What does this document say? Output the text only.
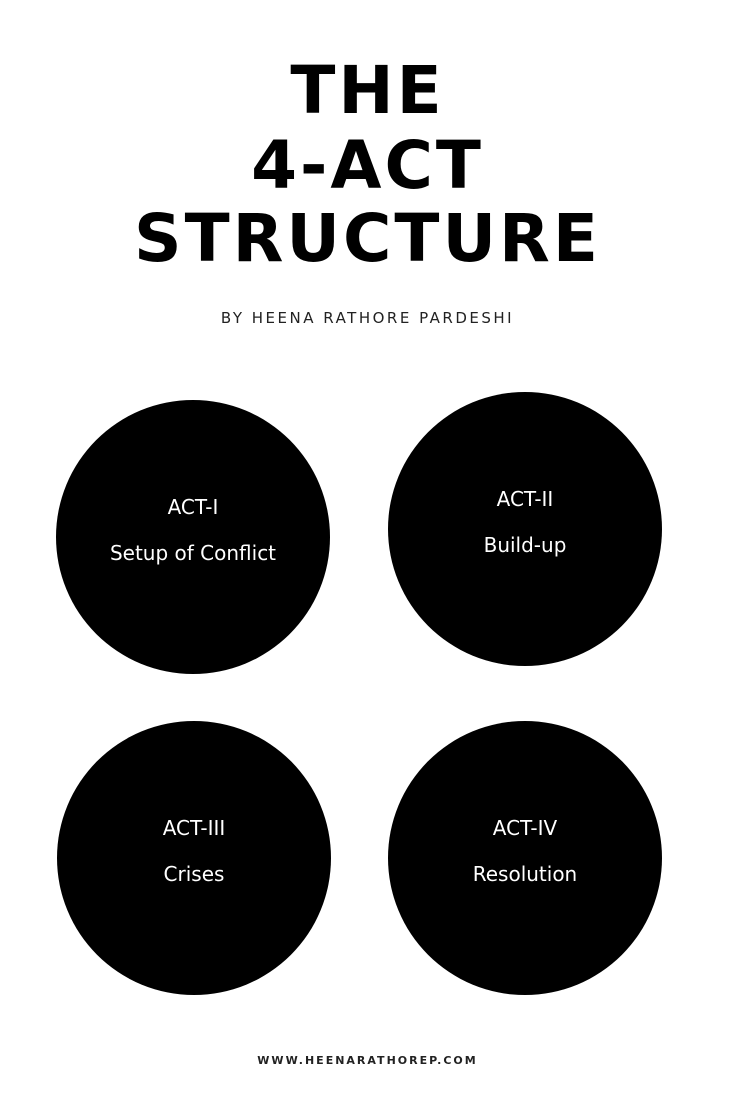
THE
4-ACT
STRUCTURE
BY HEENA RATHORE PARDESHI
ACT-I
Setup of Conflict
ACT-II
Build-up
ACT-III
Crises
ACT-IV
Resolution
WWW.HEENARATHOREP.COM
